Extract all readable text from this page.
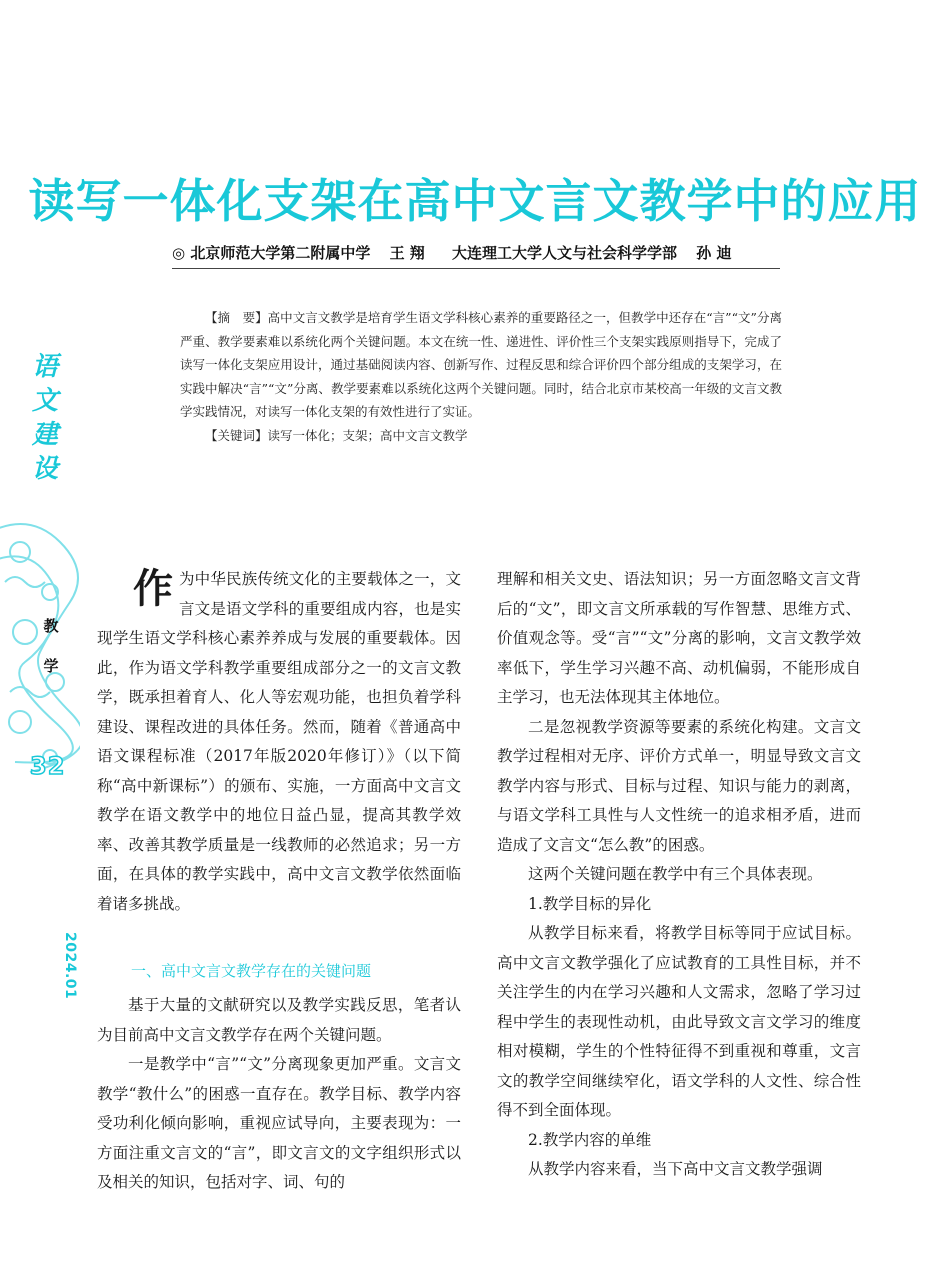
读写一体化支架在高中文言文教学中的应用
◎ 北京师范大学第二附属中学 王 翔 大连理工大学人文与社会科学学部 孙 迪

【摘　要】高中文言文教学是培育学生语文学科核心素养的重要路径之一，但教学中还存在“言”“文”分离严重、教学要素难以系统化两个关键问题。本文在统一性、递进性、评价性三个支架实践原则指导下，完成了读写一体化支架应用设计，通过基础阅读内容、创新写作、过程反思和综合评价四个部分组成的支架学习，在实践中解决“言”“文”分离、教学要素难以系统化这两个关键问题。同时，结合北京市某校高一年级的文言文教学实践情况，对读写一体化支架的有效性进行了实证。

【关键词】读写一体化；支架；高中文言文教学

语
文
建
设
2024.01
教
学
32

作为中华民族传统文化的主要载体之一，文言文是语文学科的重要组成内容，也是实现学生语文学科核心素养养成与发展的重要载体。因此，作为语文学科教学重要组成部分之一的文言文教学，既承担着育人、化人等宏观功能，也担负着学科建设、课程改进的具体任务。然而，随着《普通高中语文课程标准（2017年版2020年修订）》（以下简称“高中新课标”）的颁布、实施，一方面高中文言文教学在语文教学中的地位日益凸显，提高其教学效率、改善其教学质量是一线教师的必然追求；另一方面，在具体的教学实践中，高中文言文教学依然面临着诸多挑战。

一、高中文言文教学存在的关键问题

基于大量的文献研究以及教学实践反思，笔者认为目前高中文言文教学存在两个关键问题。

一是教学中“言”“文”分离现象更加严重。文言文教学“教什么”的困惑一直存在。教学目标、教学内容受功利化倾向影响，重视应试导向，主要表现为：一方面注重文言文的“言”，即文言文的文字组织形式以及相关的知识，包括对字、词、句的

理解和相关文史、语法知识；另一方面忽略文言文背后的“文”，即文言文所承载的写作智慧、思维方式、价值观念等。受“言”“文”分离的影响，文言文教学效率低下，学生学习兴趣不高、动机偏弱，不能形成自主学习，也无法体现其主体地位。

二是忽视教学资源等要素的系统化构建。文言文教学过程相对无序、评价方式单一，明显导致文言文教学内容与形式、目标与过程、知识与能力的剥离，与语文学科工具性与人文性统一的追求相矛盾，进而造成了文言文“怎么教”的困惑。

这两个关键问题在教学中有三个具体表现。

1.教学目标的异化

从教学目标来看，将教学目标等同于应试目标。高中文言文教学强化了应试教育的工具性目标，并不关注学生的内在学习兴趣和人文需求，忽略了学习过程中学生的表现性动机，由此导致文言文学习的维度相对模糊，学生的个性特征得不到重视和尊重，文言文的教学空间继续窄化，语文学科的人文性、综合性得不到全面体现。

2.教学内容的单维

从教学内容来看，当下高中文言文教学强调
